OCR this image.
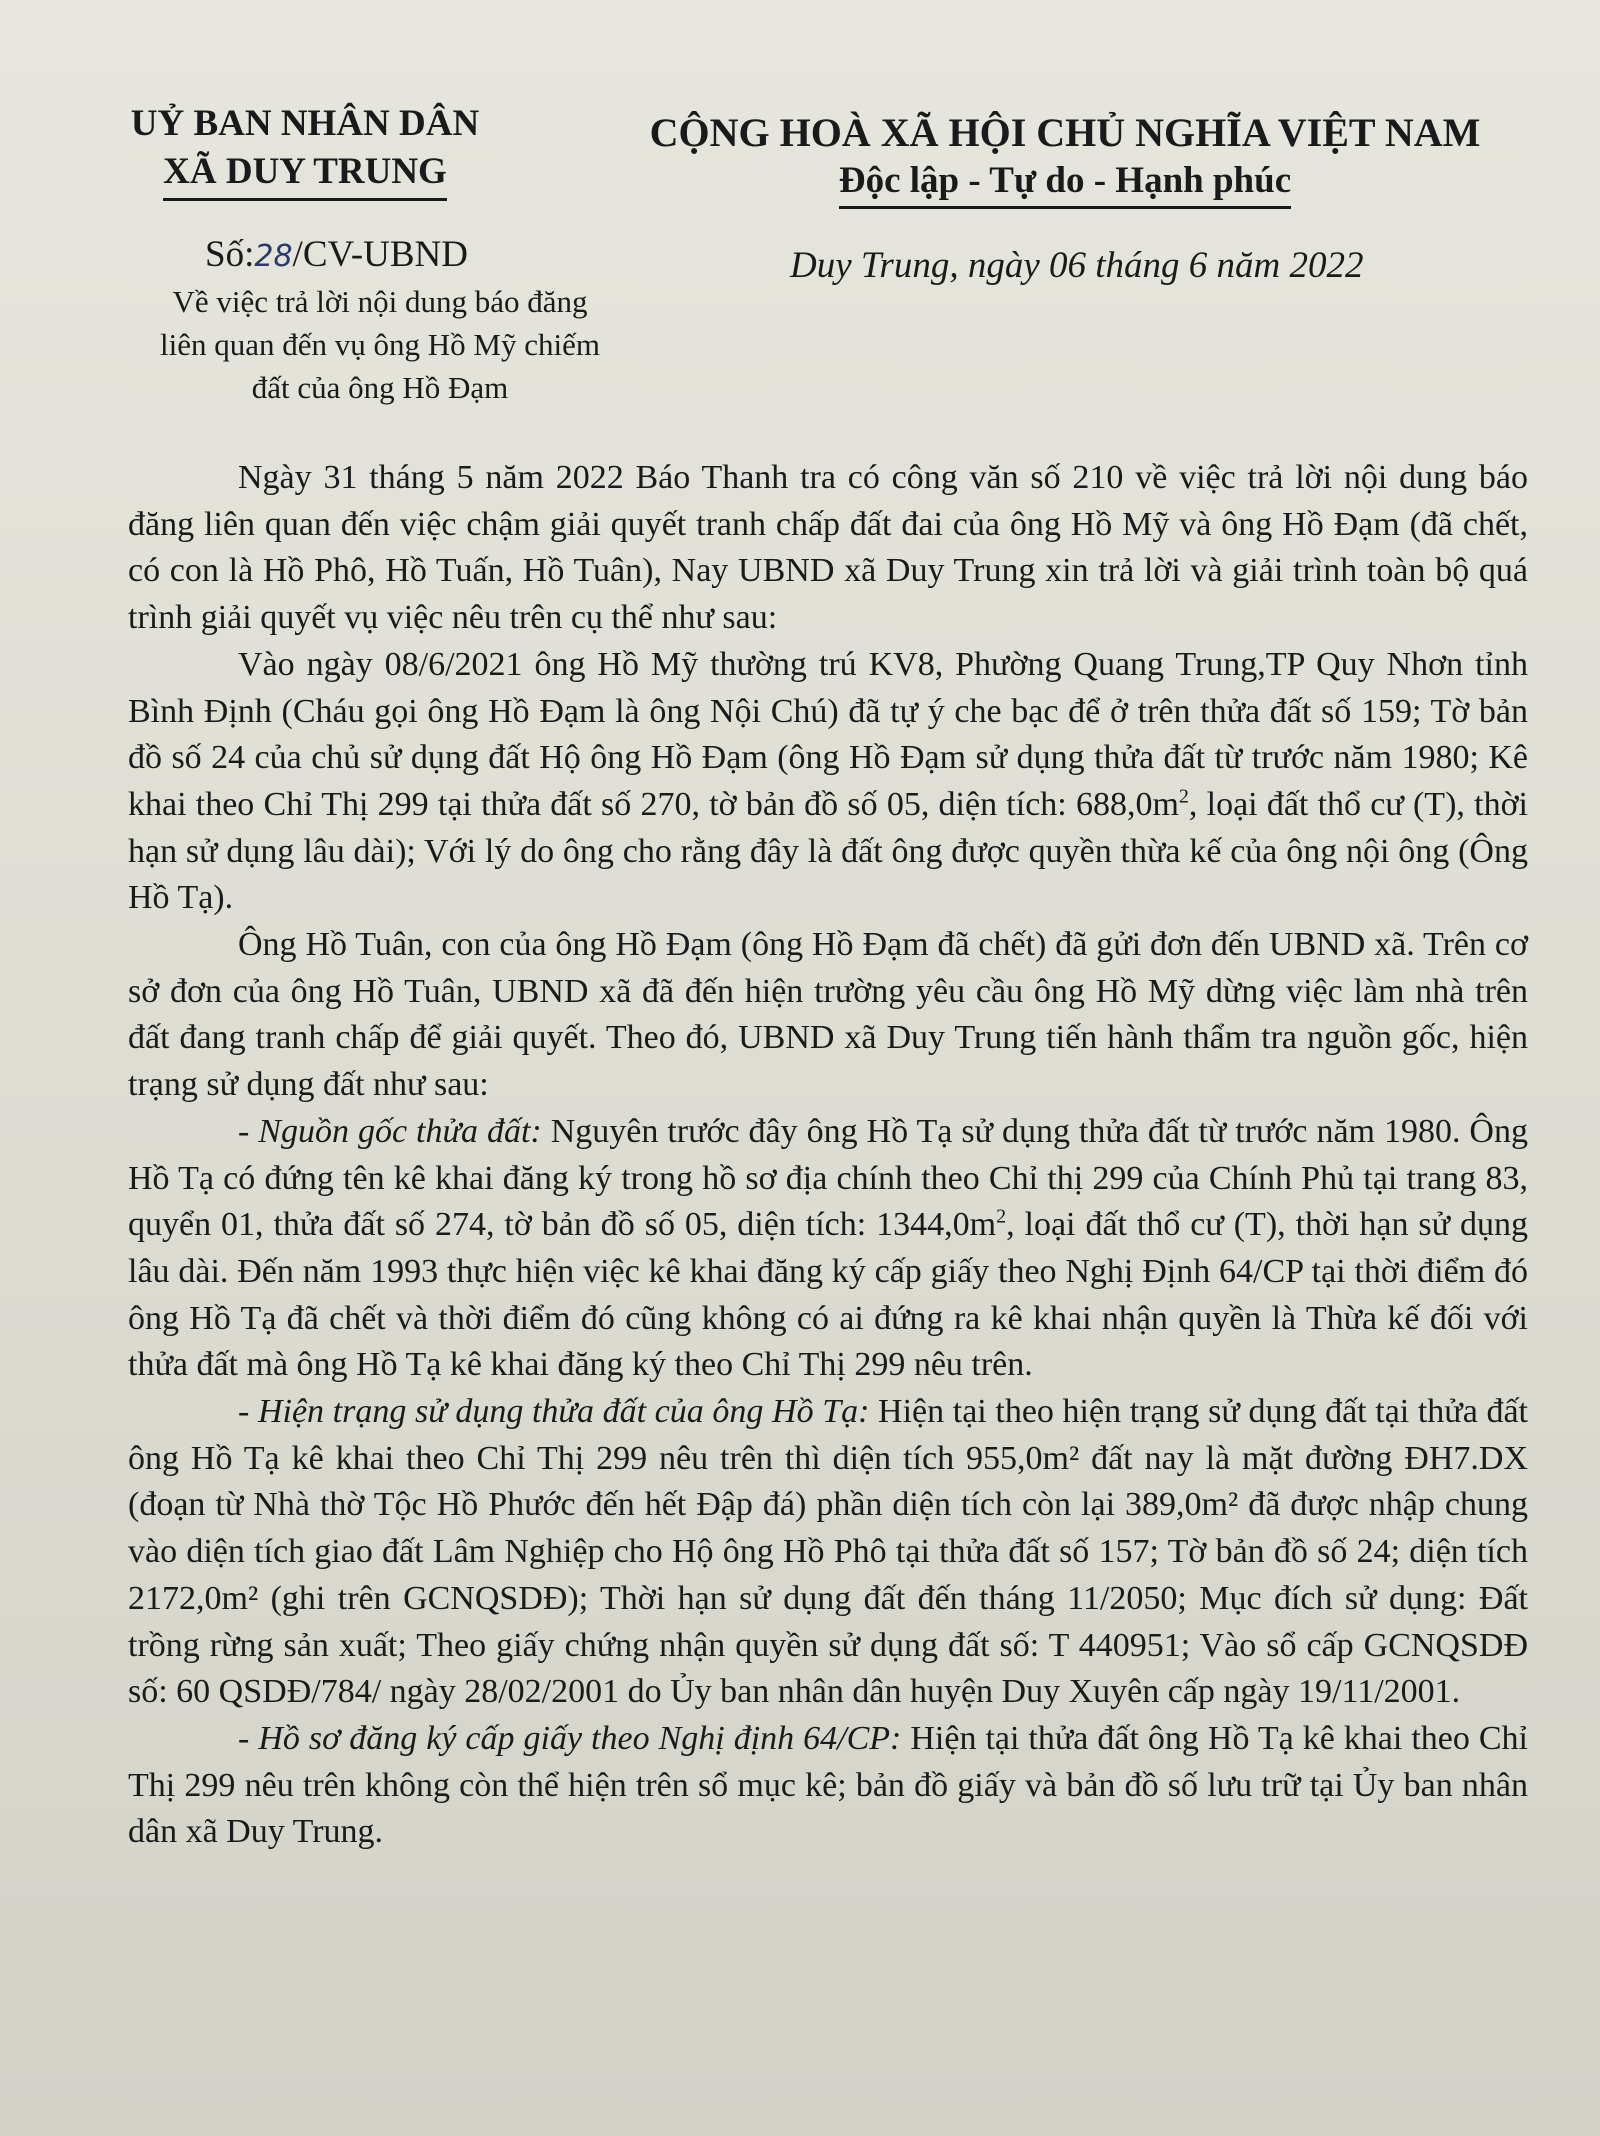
UỶ BAN NHÂN DÂN
XÃ DUY TRUNG
CỘNG HOÀ XÃ HỘI CHỦ NGHĨA VIỆT NAM
Độc lập - Tự do - Hạnh phúc
Số:28/CV-UBND
Về việc trả lời nội dung báo đăng
liên quan đến vụ ông Hồ Mỹ chiếm
đất của ông Hồ Đạm
Duy Trung, ngày 06 tháng 6 năm 2022

Ngày 31 tháng 5 năm 2022 Báo Thanh tra có công văn số 210 về việc trả lời nội dung báo đăng liên quan đến việc chậm giải quyết tranh chấp đất đai của ông Hồ Mỹ và ông Hồ Đạm (đã chết, có con là Hồ Phô, Hồ Tuấn, Hồ Tuân), Nay UBND xã Duy Trung xin trả lời và giải trình toàn bộ quá trình giải quyết vụ việc nêu trên cụ thể như sau:

Vào ngày 08/6/2021 ông Hồ Mỹ thường trú KV8, Phường Quang Trung,TP Quy Nhơn tỉnh Bình Định (Cháu gọi ông Hồ Đạm là ông Nội Chú) đã tự ý che bạc để ở trên thửa đất số 159; Tờ bản đồ số 24 của chủ sử dụng đất Hộ ông Hồ Đạm (ông Hồ Đạm sử dụng thửa đất từ trước năm 1980; Kê khai theo Chỉ Thị 299 tại thửa đất số 270, tờ bản đồ số 05, diện tích: $688,0m^2$, loại đất thổ cư (T), thời hạn sử dụng lâu dài); Với lý do ông cho rằng đây là đất ông được quyền thừa kế của ông nội ông (Ông Hồ Tạ).

Ông Hồ Tuân, con của ông Hồ Đạm (ông Hồ Đạm đã chết) đã gửi đơn đến UBND xã. Trên cơ sở đơn của ông Hồ Tuân, UBND xã đã đến hiện trường yêu cầu ông Hồ Mỹ dừng việc làm nhà trên đất đang tranh chấp để giải quyết. Theo đó, UBND xã Duy Trung tiến hành thẩm tra nguồn gốc, hiện trạng sử dụng đất như sau:

- Nguồn gốc thửa đất: Nguyên trước đây ông Hồ Tạ sử dụng thửa đất từ trước năm 1980. Ông Hồ Tạ có đứng tên kê khai đăng ký trong hồ sơ địa chính theo Chỉ thị 299 của Chính Phủ tại trang 83, quyển 01, thửa đất số 274, tờ bản đồ số 05, diện tích: $1344,0m^2$, loại đất thổ cư (T), thời hạn sử dụng lâu dài. Đến năm 1993 thực hiện việc kê khai đăng ký cấp giấy theo Nghị Định 64/CP tại thời điểm đó ông Hồ Tạ đã chết và thời điểm đó cũng không có ai đứng ra kê khai nhận quyền là Thừa kế đối với thửa đất mà ông Hồ Tạ kê khai đăng ký theo Chỉ Thị 299 nêu trên.

- Hiện trạng sử dụng thửa đất của ông Hồ Tạ: Hiện tại theo hiện trạng sử dụng đất tại thửa đất ông Hồ Tạ kê khai theo Chỉ Thị 299 nêu trên thì diện tích 955,0m² đất nay là mặt đường ĐH7.DX (đoạn từ Nhà thờ Tộc Hồ Phước đến hết Đập đá) phần diện tích còn lại 389,0m² đã được nhập chung vào diện tích giao đất Lâm Nghiệp cho Hộ ông Hồ Phô tại thửa đất số 157; Tờ bản đồ số 24; diện tích 2172,0m² (ghi trên GCNQSDĐ); Thời hạn sử dụng đất đến tháng 11/2050; Mục đích sử dụng: Đất trồng rừng sản xuất; Theo giấy chứng nhận quyền sử dụng đất số: T 440951; Vào sổ cấp GCNQSDĐ số: 60 QSDĐ/784/ ngày 28/02/2001 do Ủy ban nhân dân huyện Duy Xuyên cấp ngày 19/11/2001.

- Hồ sơ đăng ký cấp giấy theo Nghị định 64/CP: Hiện tại thửa đất ông Hồ Tạ kê khai theo Chỉ Thị 299 nêu trên không còn thể hiện trên sổ mục kê; bản đồ giấy và bản đồ số lưu trữ tại Ủy ban nhân dân xã Duy Trung.
